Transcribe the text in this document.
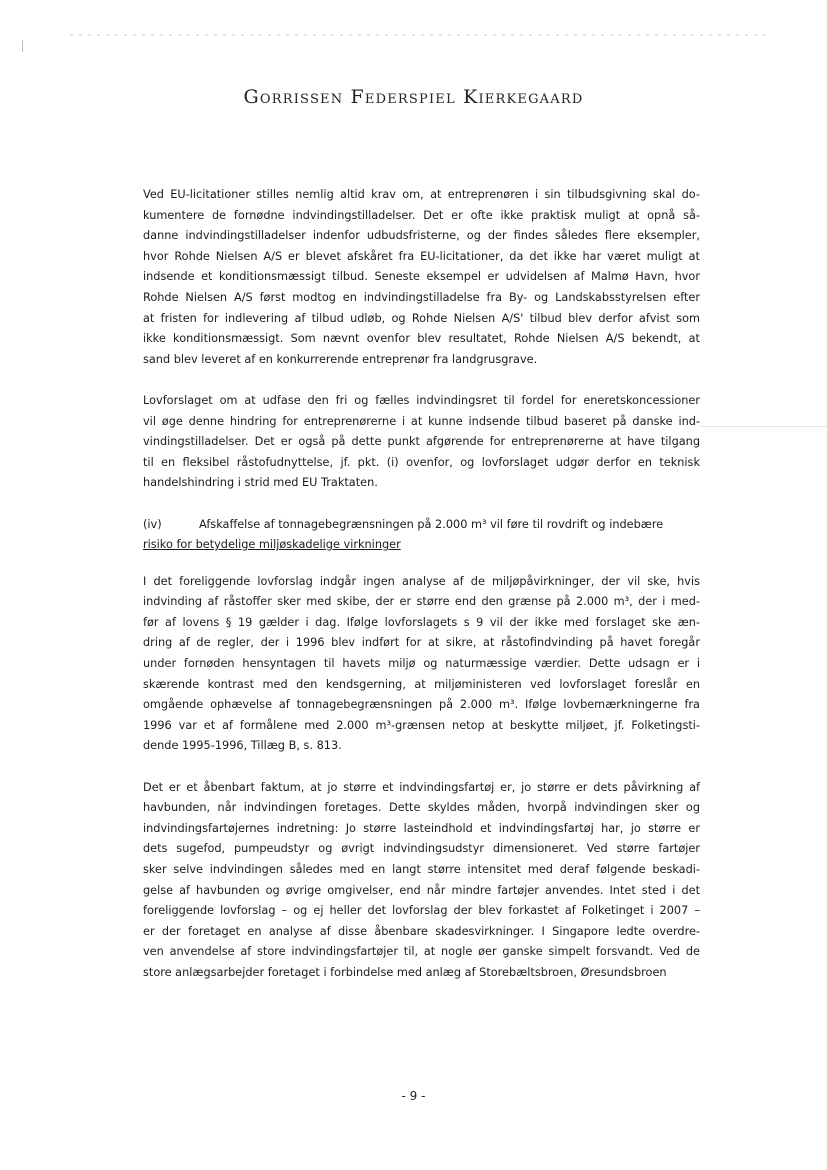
Gorrissen Federspiel Kierkegaard
Ved EU-licitationer stilles nemlig altid krav om, at entreprenøren i sin tilbudsgivning skal do-
kumentere de fornødne indvindingstilladelser. Det er ofte ikke praktisk muligt at opnå så-
danne indvindingstilladelser indenfor udbudsfristerne, og der findes således flere eksempler,
hvor Rohde Nielsen A/S er blevet afskåret fra EU-licitationer, da det ikke har været muligt at
indsende et konditionsmæssigt tilbud. Seneste eksempel er udvidelsen af Malmø Havn, hvor
Rohde Nielsen A/S først modtog en indvindingstilladelse fra By- og Landskabsstyrelsen efter
at fristen for indlevering af tilbud udløb, og Rohde Nielsen A/S' tilbud blev derfor afvist som
ikke konditionsmæssigt. Som nævnt ovenfor blev resultatet, Rohde Nielsen A/S bekendt, at
sand blev leveret af en konkurrerende entreprenør fra landgrusgrave.
Lovforslaget om at udfase den fri og fælles indvindingsret til fordel for eneretskoncessioner
vil øge denne hindring for entreprenørerne i at kunne indsende tilbud baseret på danske ind-
vindingstilladelser. Det er også på dette punkt afgørende for entreprenørerne at have tilgang
til en fleksibel råstofudnyttelse, jf. pkt. (i) ovenfor, og lovforslaget udgør derfor en teknisk
handelshindring i strid med EU Traktaten.
(iv)	Afskaffelse af tonnagebegrænsningen på 2.000 m³ vil føre til rovdrift og indebære
risiko for betydelige miljøskadelige virkninger
I det foreliggende lovforslag indgår ingen analyse af de miljøpåvirkninger, der vil ske, hvis
indvinding af råstoffer sker med skibe, der er større end den grænse på 2.000 m³, der i med-
før af lovens § 19 gælder i dag. Ifølge lovforslagets s 9 vil der ikke med forslaget ske æn-
dring af de regler, der i 1996 blev indført for at sikre, at råstofindvinding på havet foregår
under fornøden hensyntagen til havets miljø og naturmæssige værdier. Dette udsagn er i
skærende kontrast med den kendsgerning, at miljøministeren ved lovforslaget foreslår en
omgående ophævelse af tonnagebegrænsningen på 2.000 m³. Ifølge lovbemærkningerne fra
1996 var et af formålene med 2.000 m³-grænsen netop at beskytte miljøet, jf. Folketingsti-
dende 1995-1996, Tillæg B, s. 813.
Det er et åbenbart faktum, at jo større et indvindingsfartøj er, jo større er dets påvirkning af
havbunden, når indvindingen foretages. Dette skyldes måden, hvorpå indvindingen sker og
indvindingsfartøjernes indretning: Jo større lasteindhold et indvindingsfartøj har, jo større er
dets sugefod, pumpeudstyr og øvrigt indvindingsudstyr dimensioneret. Ved større fartøjer
sker selve indvindingen således med en langt større intensitet med deraf følgende beskadi-
gelse af havbunden og øvrige omgivelser, end når mindre fartøjer anvendes. Intet sted i det
foreliggende lovforslag – og ej heller det lovforslag der blev forkastet af Folketinget i 2007 –
er der foretaget en analyse af disse åbenbare skadesvirkninger. I Singapore ledte overdre-
ven anvendelse af store indvindingsfartøjer til, at nogle øer ganske simpelt forsvandt. Ved de
store anlægsarbejder foretaget i forbindelse med anlæg af Storebæltsbroen, Øresundsbroen
- 9 -
